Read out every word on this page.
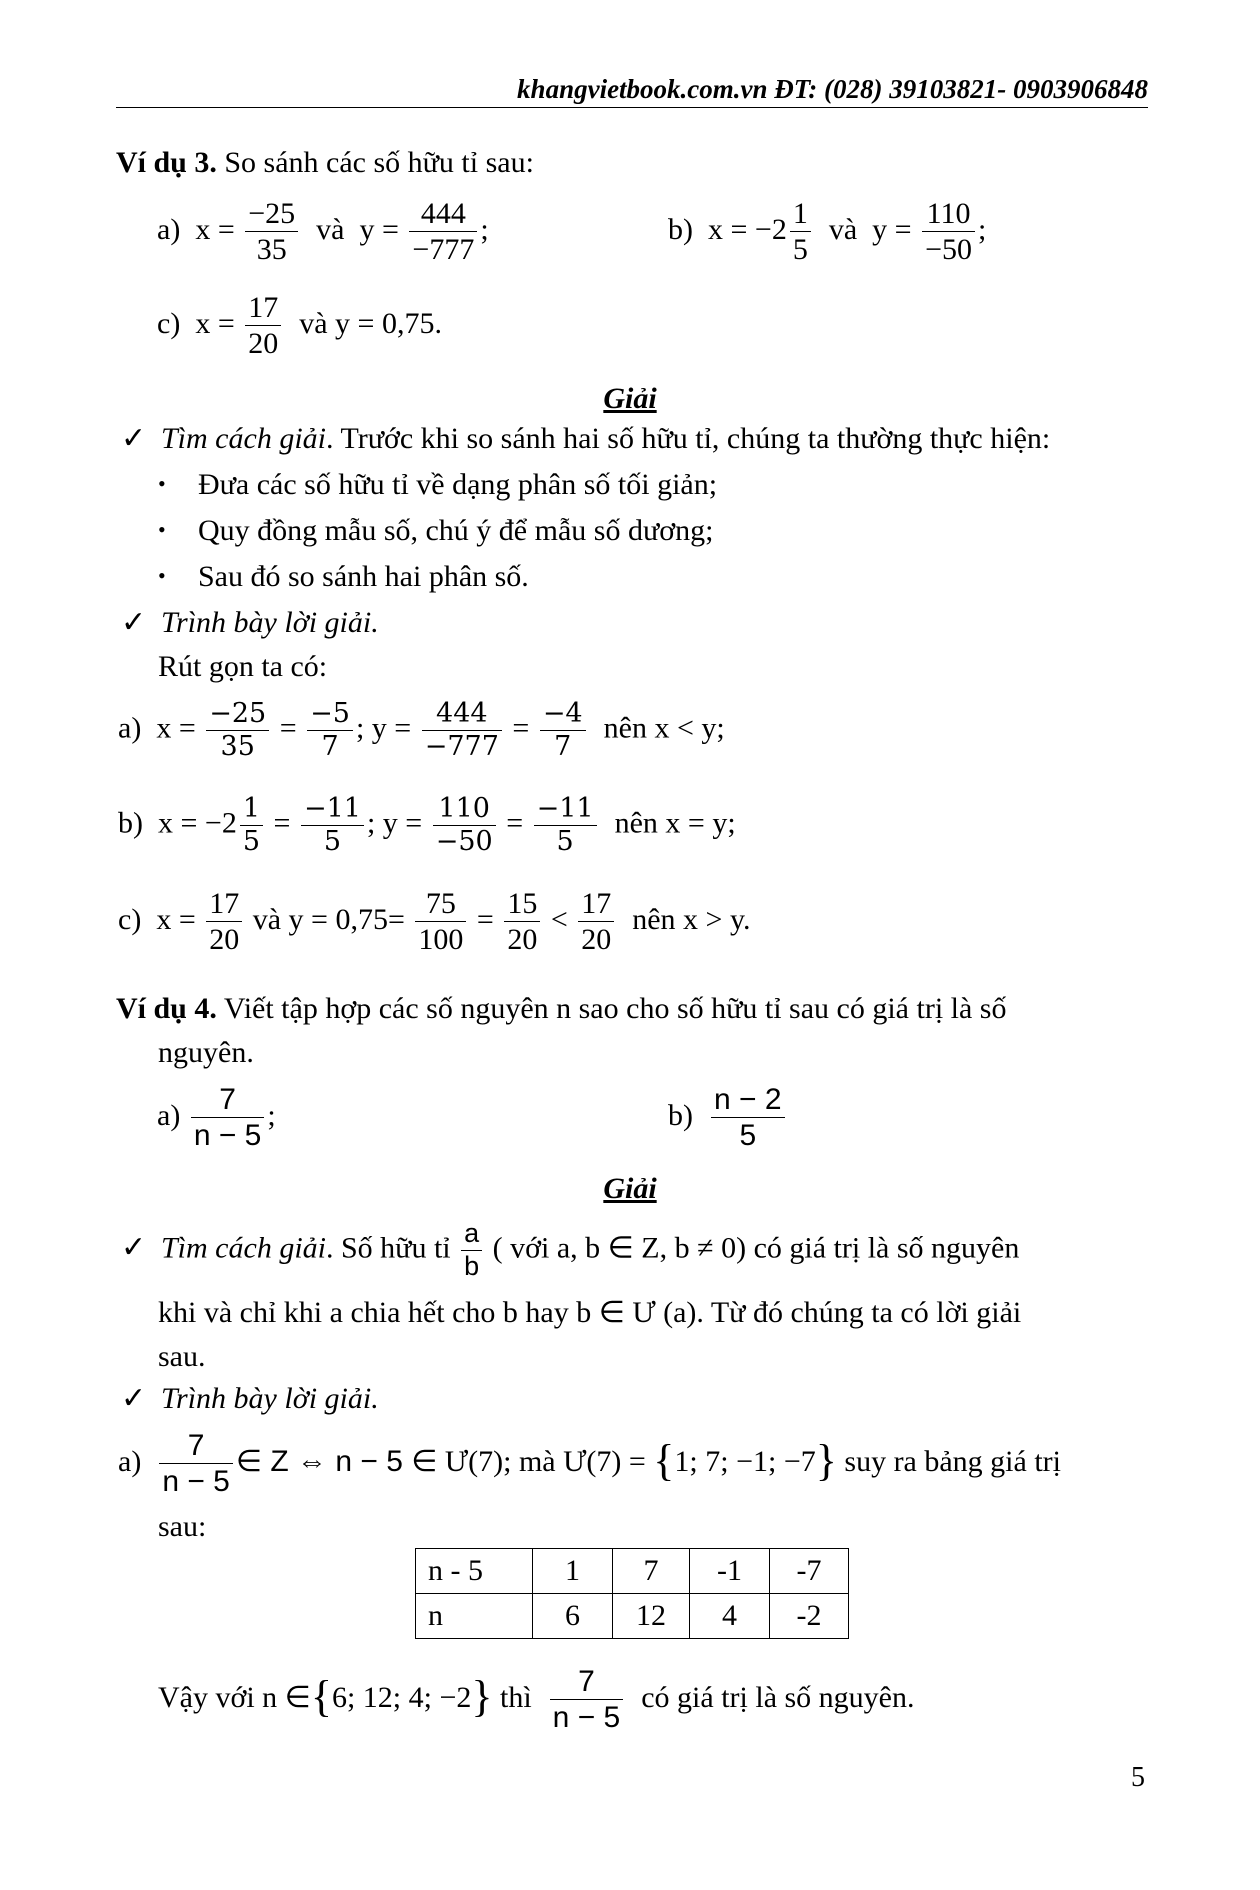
khangvietbook.com.vn ĐT: (028) 39103821- 0903906848
Ví dụ 3. So sánh các số hữu tỉ sau:
a) $x = \frac{-25}{35}$ và $y = \frac{444}{-777}$ ;	b) $x = -2 \frac{1}{5}$ và $y = \frac{110}{-50}$ ;
c) $x = \frac{17}{20}$ và y = 0,75.
Giải
✓ Tìm cách giải. Trước khi so sánh hai số hữu tỉ, chúng ta thường thực hiện:
• Đưa các số hữu tỉ về dạng phân số tối giản;
• Quy đồng mẫu số, chú ý để mẫu số dương;
• Sau đó so sánh hai phân số.
✓ Trình bày lời giải.
Rút gọn ta có:
a) $x = \frac{-25}{35} = \frac{-5}{7}$ ; $y = \frac{444}{-777} = \frac{-4}{7}$ nên x < y;
b) $x = -2 \frac{1}{5} = \frac{-11}{5}$ ; $y = \frac{110}{-50} = \frac{-11}{5}$ nên x = y;
c) $x = \frac{17}{20}$ và $y = 0,75= \frac{75}{100} = \frac{15}{20} < \frac{17}{20}$ nên x > y.
Ví dụ 4. Viết tập hợp các số nguyên n sao cho số hữu tỉ sau có giá trị là số
nguyên.
$a) \frac{7}{n - 5}$ ;	$b) \frac{n - 2}{5}$
Giải
✓ Tìm cách giải. Số hữu tỉ $\frac{a}{b}$ ( với a, b ∈ Z, b ≠ 0) có giá trị là số nguyên
khi và chỉ khi a chia hết cho b hay b ∈ Ư (a). Từ đó chúng ta có lời giải
sau.
✓ Trình bày lời giải.
$a) \frac{7}{n - 5}$ ∈ Z ⇔ n − 5 ∈ Ư(7); mà Ư(7) = {1; 7; −1; −7} suy ra bảng giá trị
sau:
n - 5	1	7	-1	-7
n	6	12	4	-2
Vậy với n ∈{6; 12; 4; −2} thì $\frac{7}{n - 5}$ có giá trị là số nguyên.
5
